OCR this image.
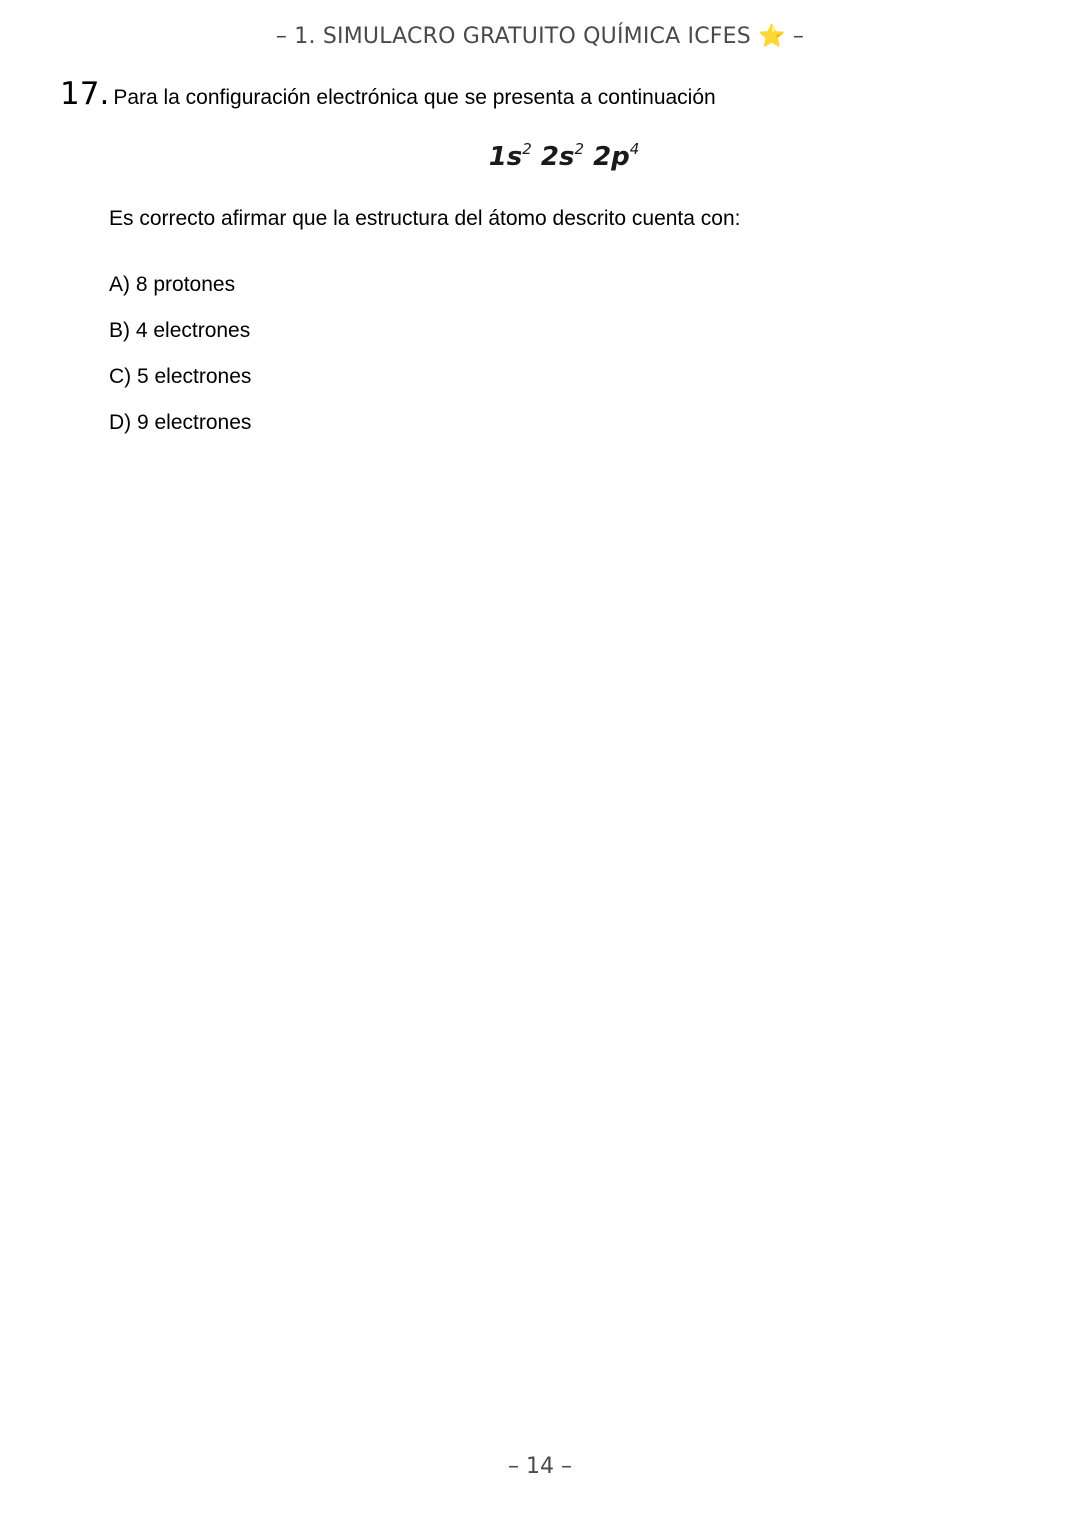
– 1. SIMULACRO GRATUITO QUÍMICA ICFES ⭐ –
17. Para la configuración electrónica que se presenta a continuación
$1s^2$ $2s^2$ $2p^4$
Es correcto afirmar que la estructura del átomo descrito cuenta con:
A) 8 protones
B) 4 electrones
C) 5 electrones
D) 9 electrones
– 14 –
